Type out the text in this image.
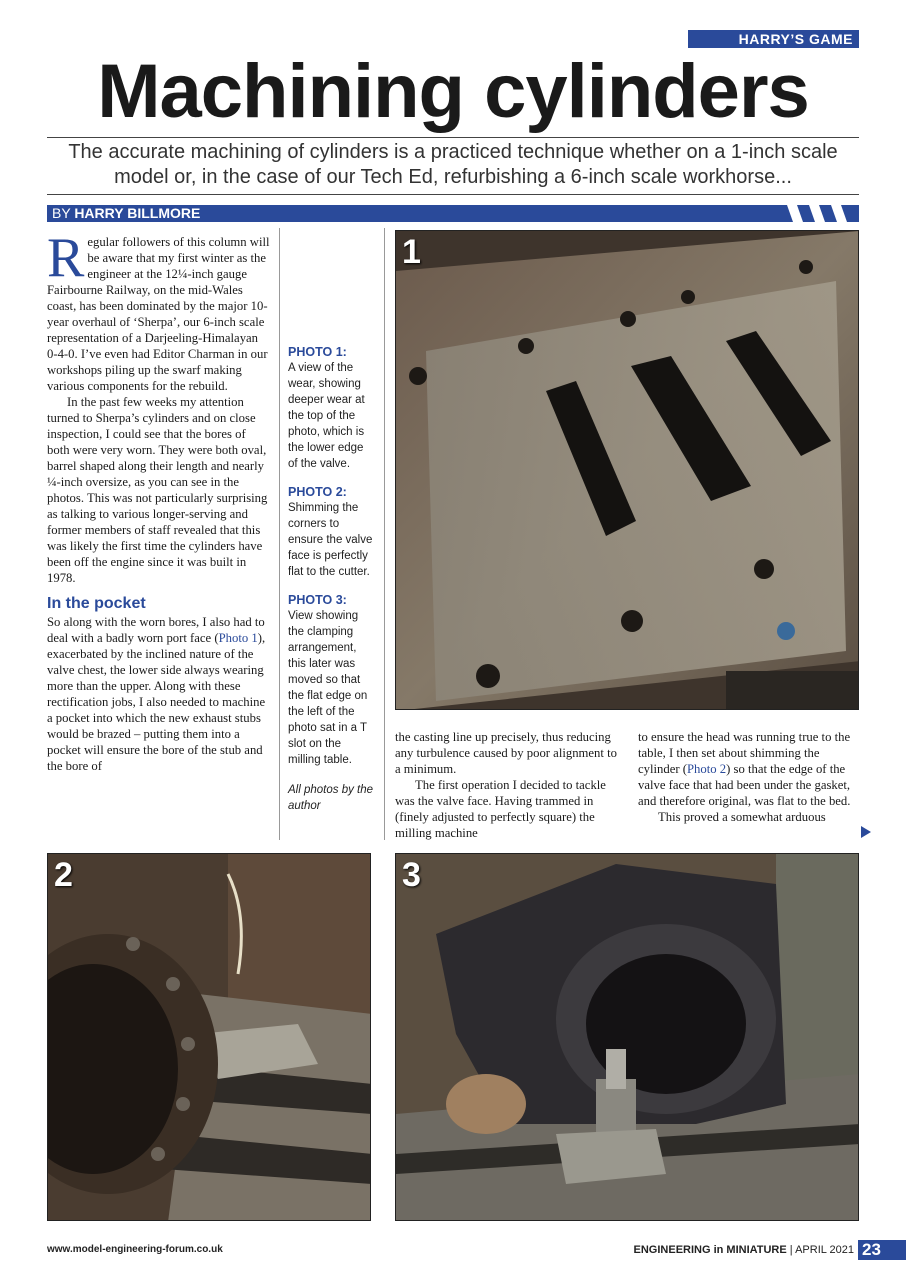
HARRY’S GAME
Machining cylinders
The accurate machining of cylinders is a practiced technique whether on a 1-inch scale
model or, in the case of our Tech Ed, refurbishing a 6-inch scale workhorse...
BY HARRY BILLMORE

Regular followers of this column will be aware that my first winter as the engineer at the 12¼-inch gauge Fairbourne Railway, on the mid-Wales coast, has been dominated by the major 10-year overhaul of ‘Sherpa’, our 6-inch scale representation of a Darjeeling-Himalayan 0-4-0. I’ve even had Editor Charman in our workshops piling up the swarf making various components for the rebuild.

In the past few weeks my attention turned to Sherpa’s cylinders and on close inspection, I could see that the bores of both were very worn. They were both oval, barrel shaped along their length and nearly ¼-inch oversize, as you can see in the photos. This was not particularly surprising as talking to various longer-serving and former members of staff revealed that this was likely the first time the cylinders have been off the engine since it was built in 1978.

In the pocket

So along with the worn bores, I also had to deal with a badly worn port face (Photo 1), exacerbated by the inclined nature of the valve chest, the lower side always wearing more than the upper. Along with these rectification jobs, I also needed to machine a pocket into which the new exhaust stubs would be brazed – putting them into a pocket will ensure the bore of the stub and the bore of

PHOTO 1:
A view of the wear, showing deeper wear at the top of the photo, which is the lower edge of the valve.
PHOTO 2:
Shimming the corners to ensure the valve face is perfectly flat to the cutter.
PHOTO 3:
View showing the clamping arrangement, this later was moved so that the flat edge on the left of the photo sat in a T slot on the milling table.
All photos by the author
1

the casting line up precisely, thus reducing any turbulence caused by poor alignment to a minimum.

The first operation I decided to tackle was the valve face. Having trammed in (finely adjusted to perfectly square) the milling machine

to ensure the head was running true to the table, I then set about shimming the cylinder (Photo 2) so that the edge of the valve face that had been under the gasket, and therefore original, was flat to the bed.

This proved a somewhat arduous

2	3
www.model-engineering-forum.co.uk	ENGINEERING in MINIATURE | APRIL 2021 23
